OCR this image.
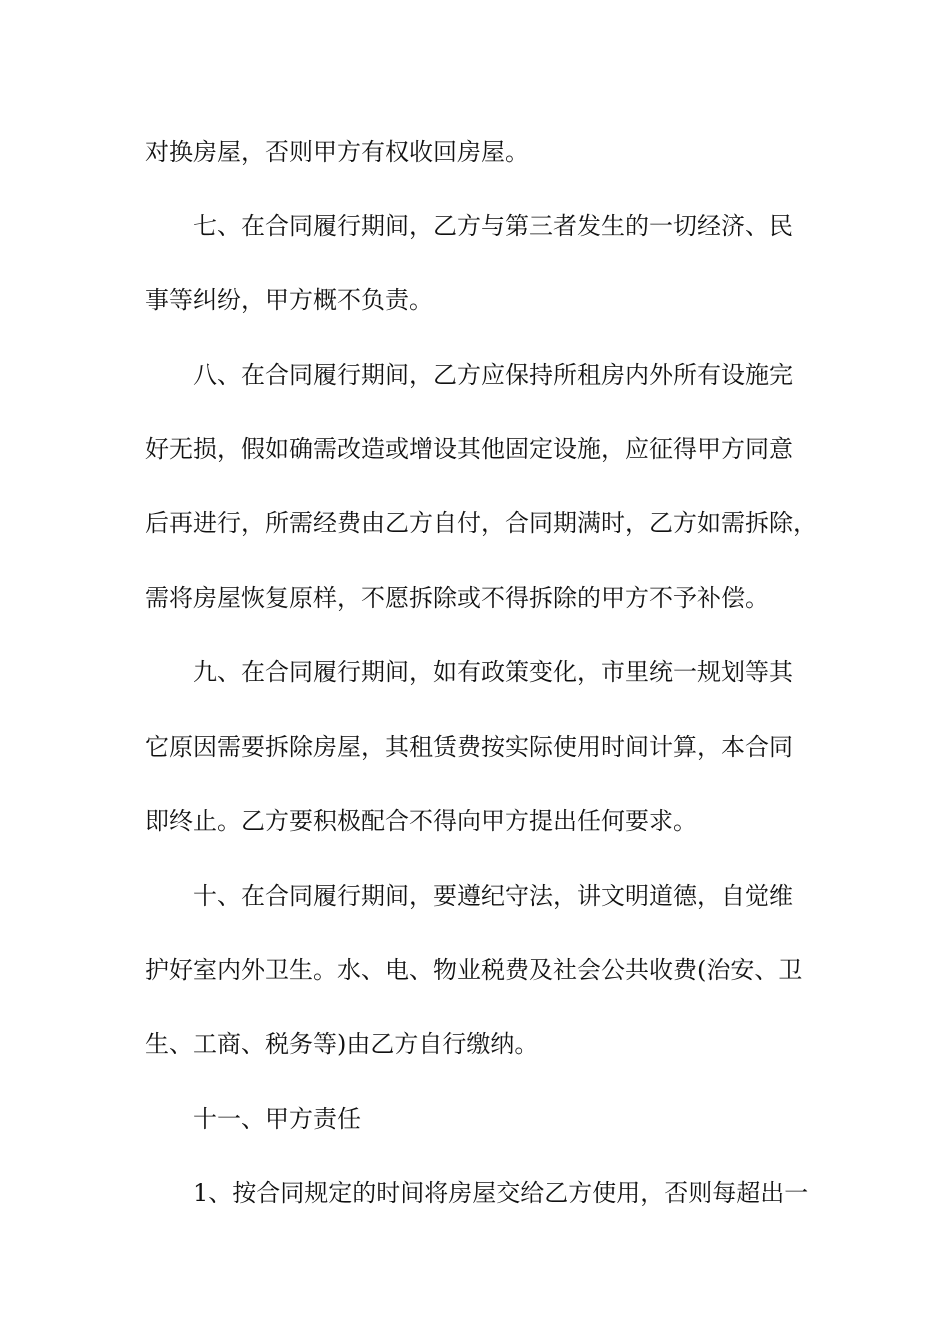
对换房屋，否则甲方有权收回房屋。
七、在合同履行期间，乙方与第三者发生的一切经济、民
事等纠纷，甲方概不负责。
八、在合同履行期间，乙方应保持所租房内外所有设施完
好无损，假如确需改造或增设其他固定设施，应征得甲方同意
后再进行，所需经费由乙方自付，合同期满时，乙方如需拆除，
需将房屋恢复原样，不愿拆除或不得拆除的甲方不予补偿。
九、在合同履行期间，如有政策变化，市里统一规划等其
它原因需要拆除房屋，其租赁费按实际使用时间计算，本合同
即终止。乙方要积极配合不得向甲方提出任何要求。
十、在合同履行期间，要遵纪守法，讲文明道德，自觉维
护好室内外卫生。水、电、物业税费及社会公共收费(治安、卫
生、工商、税务等)由乙方自行缴纳。
十一、甲方责任
1、按合同规定的时间将房屋交给乙方使用，否则每超出一
